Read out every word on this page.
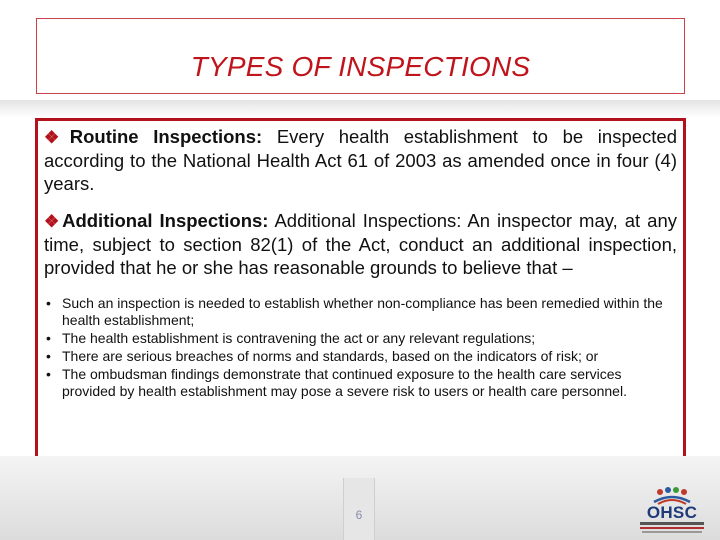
TYPES OF INSPECTIONS

❖Routine Inspections: Every health establishment to be inspected according to the National Health Act 61 of 2003 as amended once in four (4) years.

❖Additional Inspections: Additional Inspections: An inspector may, at any time, subject to section 82(1) of the Act, conduct an additional inspection, provided that he or she has reasonable grounds to believe that –

• Such an inspection is needed to establish whether non-compliance has been remedied within the health establishment;
• The health establishment is contravening the act or any relevant regulations;
• There are serious breaches of norms and standards, based on the indicators of risk; or
• The ombudsman findings demonstrate that continued exposure to the health care services provided by health establishment may pose a severe risk to users or health care personnel.
6	OHSC
